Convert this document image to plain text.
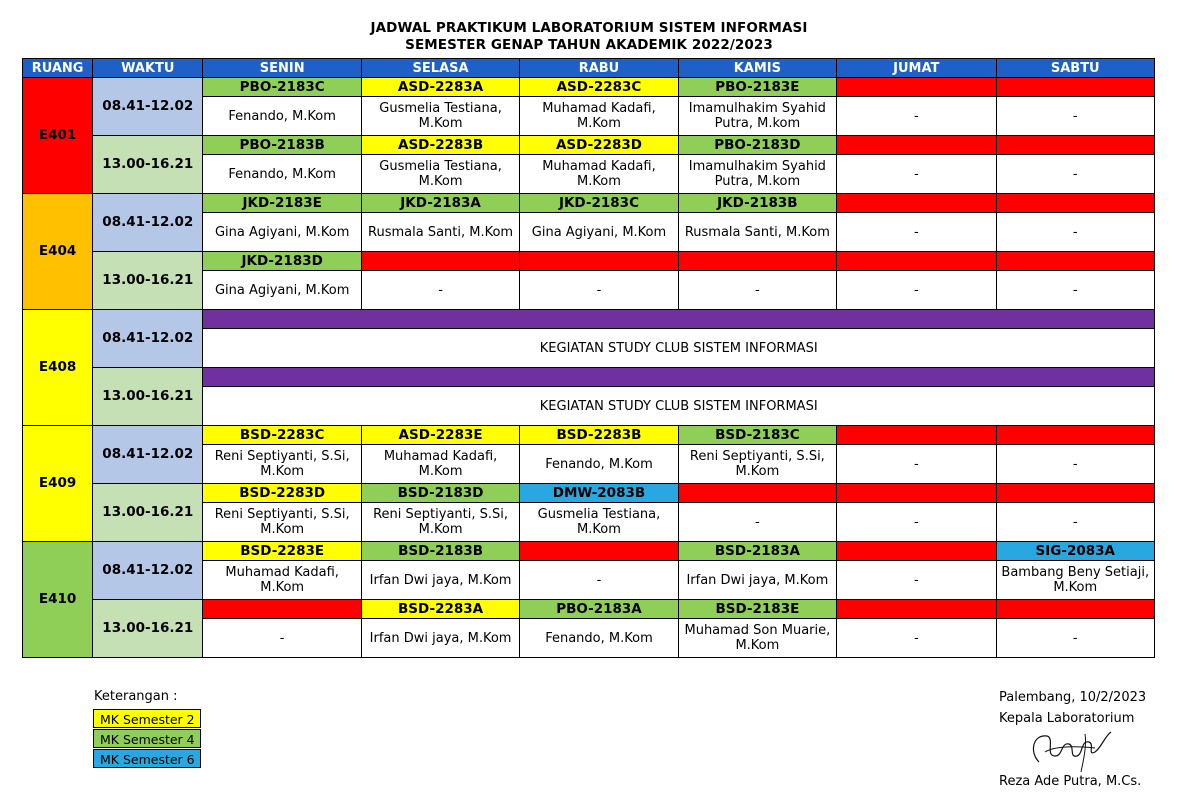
JADWAL PRAKTIKUM LABORATORIUM SISTEM INFORMASI
SEMESTER GENAP TAHUN AKADEMIK 2022/2023
RUANG	WAKTU	SENIN	SELASA	RABU	KAMIS	JUMAT	SABTU
E401	08.41-12.02	PBO-2183C	ASD-2283A	ASD-2283C	PBO-2183E		
		Fenando, M.Kom	Gusmelia Testiana, M.Kom	Muhamad Kadafi, M.Kom	Imamulhakim Syahid Putra, M.kom	-	-
	13.00-16.21	PBO-2183B	ASD-2283B	ASD-2283D	PBO-2183D		
		Fenando, M.Kom	Gusmelia Testiana, M.Kom	Muhamad Kadafi, M.Kom	Imamulhakim Syahid Putra, M.kom	-	-
E404	08.41-12.02	JKD-2183E	JKD-2183A	JKD-2183C	JKD-2183B		
		Gina Agiyani, M.Kom	Rusmala Santi, M.Kom	Gina Agiyani, M.Kom	Rusmala Santi, M.Kom	-	-
	13.00-16.21	JKD-2183D					
		Gina Agiyani, M.Kom	-	-	-	-	-
E408	08.41-12.02						
		KEGIATAN STUDY CLUB SISTEM INFORMASI					
	13.00-16.21						
		KEGIATAN STUDY CLUB SISTEM INFORMASI					
E409	08.41-12.02	BSD-2283C	ASD-2283E	BSD-2283B	BSD-2183C		
		Reni Septiyanti, S.Si, M.Kom	Muhamad Kadafi, M.Kom	Fenando, M.Kom	Reni Septiyanti, S.Si, M.Kom	-	-
	13.00-16.21	BSD-2283D	BSD-2183D	DMW-2083B			
		Reni Septiyanti, S.Si, M.Kom	Reni Septiyanti, S.Si, M.Kom	Gusmelia Testiana, M.Kom	-	-	-
E410	08.41-12.02	BSD-2283E	BSD-2183B		BSD-2183A		SIG-2083A
		Muhamad Kadafi, M.Kom	Irfan Dwi jaya, M.Kom	-	Irfan Dwi jaya, M.Kom	-	Bambang Beny Setiaji, M.Kom
	13.00-16.21		BSD-2283A	PBO-2183A	BSD-2183E		
		-	Irfan Dwi jaya, M.Kom	Fenando, M.Kom	Muhamad Son Muarie, M.Kom	-	-
Keterangan :
MK Semester 2
MK Semester 4
MK Semester 6
Palembang, 10/2/2023
Kepala Laboratorium
Reza Ade Putra, M.Cs.
